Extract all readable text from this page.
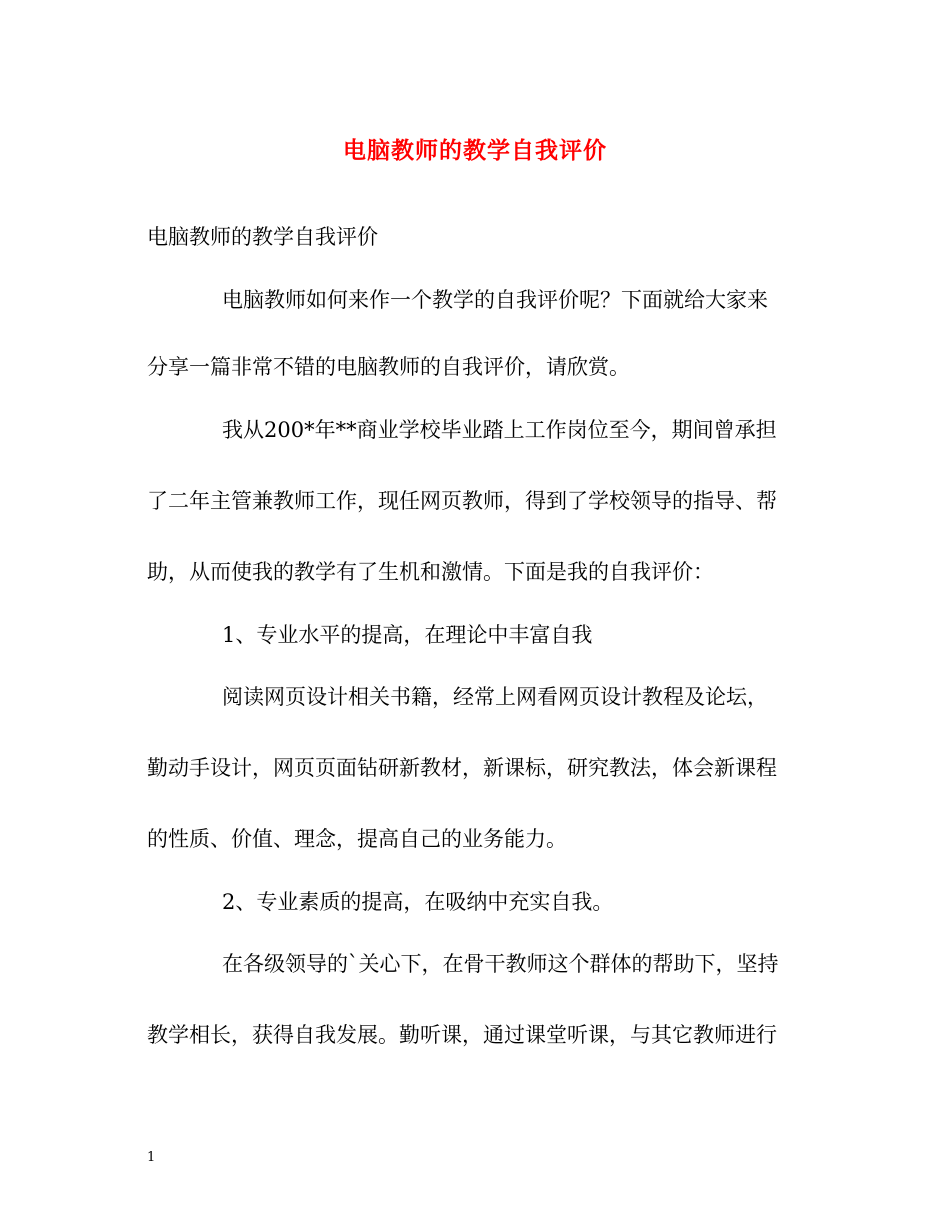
电脑教师的教学自我评价
电脑教师的教学自我评价
电脑教师如何来作一个教学的自我评价呢？下面就给大家来
分享一篇非常不错的电脑教师的自我评价，请欣赏。
我从200*年**商业学校毕业踏上工作岗位至今，期间曾承担
了二年主管兼教师工作，现任网页教师，得到了学校领导的指导、帮
助，从而使我的教学有了生机和激情。下面是我的自我评价：
1、专业水平的提高，在理论中丰富自我
阅读网页设计相关书籍，经常上网看网页设计教程及论坛，
勤动手设计，网页页面钻研新教材，新课标，研究教法，体会新课程
的性质、价值、理念，提高自己的业务能力。
2、专业素质的提高，在吸纳中充实自我。
在各级领导的`关心下，在骨干教师这个群体的帮助下，坚持
教学相长，获得自我发展。勤听课，通过课堂听课，与其它教师进行
1
